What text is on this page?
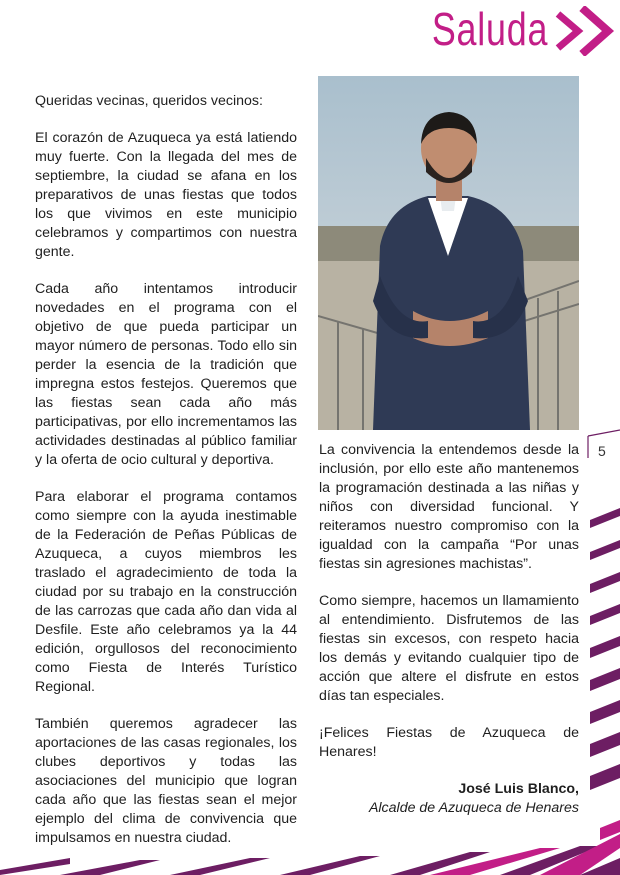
Saluda

Queridas vecinas, queridos vecinos:

El corazón de Azuqueca ya está latiendo muy fuerte. Con la llegada del mes de septiembre, la ciudad se afana en los preparativos de unas fiestas que todos los que vivimos en este municipio celebramos y compartimos con nuestra gente.

Cada año intentamos introducir novedades en el programa con el objetivo de que pueda participar un mayor número de personas. Todo ello sin perder la esencia de la tradición que impregna estos festejos. Queremos que las fiestas sean cada año más participativas, por ello incrementamos las actividades destinadas al público familiar y la oferta de ocio cultural y deportiva.

Para elaborar el programa contamos como siempre con la ayuda inestimable de la Federación de Peñas Públicas de Azuqueca, a cuyos miembros les traslado el agradecimiento de toda la ciudad por su trabajo en la construcción de las carrozas que cada año dan vida al Desfile. Este año celebramos ya la 44 edición, orgullosos del reconocimiento como Fiesta de Interés Turístico Regional.

También queremos agradecer las aportaciones de las casas regionales, los clubes deportivos y todas las asociaciones del municipio que logran cada año que las fiestas sean el mejor ejemplo del clima de convivencia que impulsamos en nuestra ciudad.

La convivencia la entendemos desde la inclusión, por ello este año mantenemos la programación destinada a las niñas y niños con diversidad funcional. Y reiteramos nuestro compromiso con la igualdad con la campaña “Por unas fiestas sin agresiones machistas”.

Como siempre, hacemos un llamamiento al entendimiento. Disfrutemos de las fiestas sin excesos, con respeto hacia los demás y evitando cualquier tipo de acción que altere el disfrute en estos días tan especiales.

¡Felices Fiestas de Azuqueca de Henares!

José Luis Blanco,
Alcalde de Azuqueca de Henares
5
